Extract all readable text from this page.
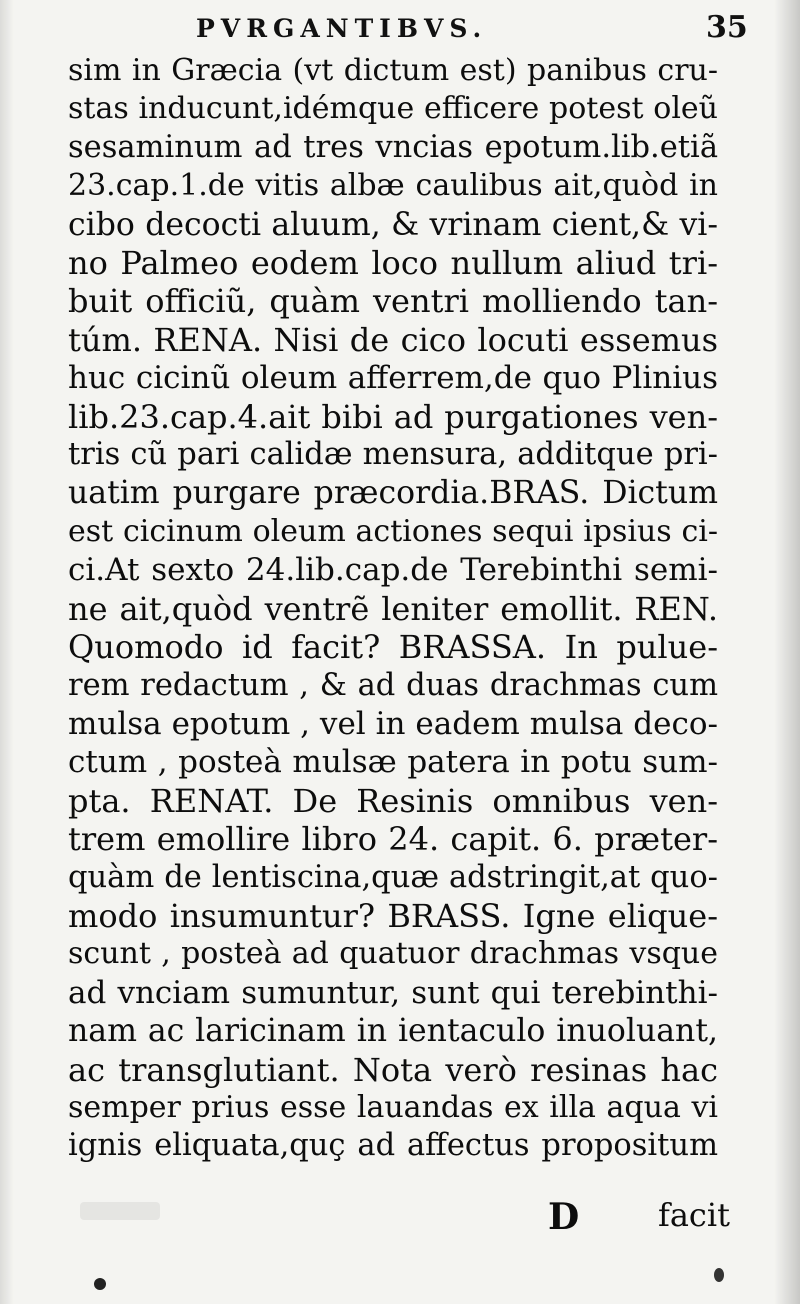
PVRGANTIBVS.	35
sim in Græcia (vt dictum est) panibus cru-
stas inducunt,idémque efficere potest oleũ
sesaminum ad tres vncias epotum.lib.etiã
23.cap.1.de vitis albæ caulibus ait,quòd in
cibo decocti aluum, & vrinam cient,& vi-
no Palmeo eodem loco nullum aliud tri-
buit officiũ, quàm ventri molliendo tan-
túm. RENA. Nisi de cico locuti essemus
huc cicinũ oleum afferrem,de quo Plinius
lib.23.cap.4.ait bibi ad purgationes ven-
tris cũ pari calidæ mensura, additque pri-
uatim purgare præcordia.BRAS. Dictum
est cicinum oleum actiones sequi ipsius ci-
ci.At sexto 24.lib.cap.de Terebinthi semi-
ne ait,quòd ventrẽ leniter emollit. REN.
Quomodo id facit? BRASSA. In pulue-
rem redactum , & ad duas drachmas cum
mulsa epotum , vel in eadem mulsa deco-
ctum , posteà mulsæ patera in potu sum-
pta. RENAT. De Resinis omnibus ven-
trem emollire libro 24. capit. 6. præter-
quàm de lentiscina,quæ adstringit,at quo-
modo insumuntur? BRASS. Igne elique-
scunt , posteà ad quatuor drachmas vsque
ad vnciam sumuntur, sunt qui terebinthi-
nam ac laricinam in ientaculo inuoluant,
ac transglutiant. Nota verò resinas hac
semper prius esse lauandas ex illa aqua vi
ignis eliquata,quç ad affectus propositum
D facit
